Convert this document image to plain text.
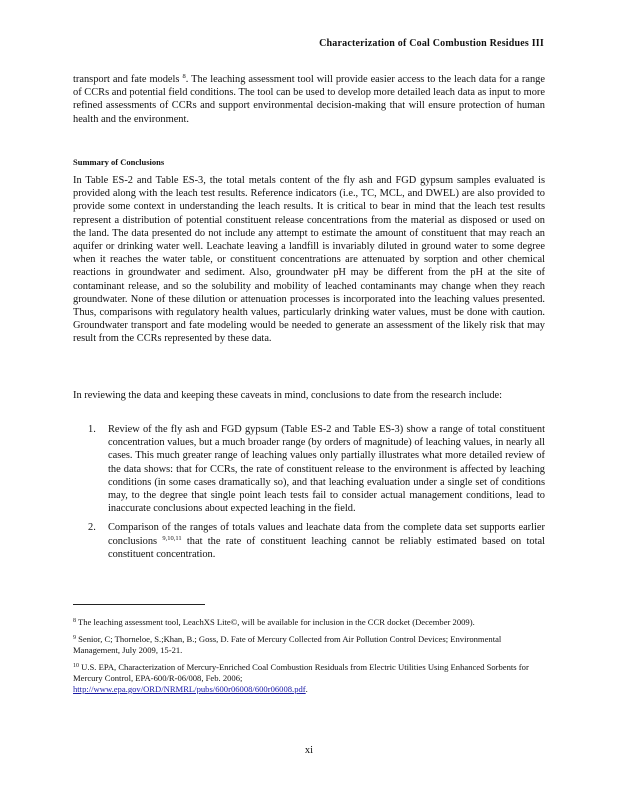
Characterization of Coal Combustion Residues III

transport and fate models $^8$. The leaching assessment tool will provide easier access to the leach data for a range of CCRs and potential field conditions. The tool can be used to develop more detailed leach data as input to more refined assessments of CCRs and support environmental decision-making that will ensure protection of human health and the environment.

Summary of Conclusions

In Table ES-2 and Table ES-3, the total metals content of the fly ash and FGD gypsum samples evaluated is provided along with the leach test results. Reference indicators (i.e., TC, MCL, and DWEL) are also provided to provide some context in understanding the leach results. It is critical to bear in mind that the leach test results represent a distribution of potential constituent release concentrations from the material as disposed or used on the land. The data presented do not include any attempt to estimate the amount of constituent that may reach an aquifer or drinking water well. Leachate leaving a landfill is invariably diluted in ground water to some degree when it reaches the water table, or constituent concentrations are attenuated by sorption and other chemical reactions in groundwater and sediment. Also, groundwater pH may be different from the pH at the site of contaminant release, and so the solubility and mobility of leached contaminants may change when they reach groundwater. None of these dilution or attenuation processes is incorporated into the leaching values presented. Thus, comparisons with regulatory health values, particularly drinking water values, must be done with caution. Groundwater transport and fate modeling would be needed to generate an assessment of the likely risk that may result from the CCRs represented by these data.

In reviewing the data and keeping these caveats in mind, conclusions to date from the research include:

1. Review of the fly ash and FGD gypsum (Table ES-2 and Table ES-3) show a range of total constituent concentration values, but a much broader range (by orders of magnitude) of leaching values, in nearly all cases. This much greater range of leaching values only partially illustrates what more detailed review of the data shows: that for CCRs, the rate of constituent release to the environment is affected by leaching conditions (in some cases dramatically so), and that leaching evaluation under a single set of conditions may, to the degree that single point leach tests fail to consider actual management conditions, lead to inaccurate conclusions about expected leaching in the field.
2. Comparison of the ranges of totals values and leachate data from the complete data set supports earlier conclusions $^{9,10,11}$ that the rate of constituent leaching cannot be reliably estimated based on total constituent concentration.
$^8$ The leaching assessment tool, LeachXS Lite©, will be available for inclusion in the CCR docket (December 2009).
$^9$ Senior, C; Thorneloe, S.;Khan, B.; Goss, D. Fate of Mercury Collected from Air Pollution Control Devices; Environmental Management, July 2009, 15-21.
$^{10}$ U.S. EPA, Characterization of Mercury-Enriched Coal Combustion Residuals from Electric Utilities Using Enhanced Sorbents for Mercury Control, EPA-600/R-06/008, Feb. 2006;
http://www.epa.gov/ORD/NRMRL/pubs/600r06008/600r06008.pdf.
xi
